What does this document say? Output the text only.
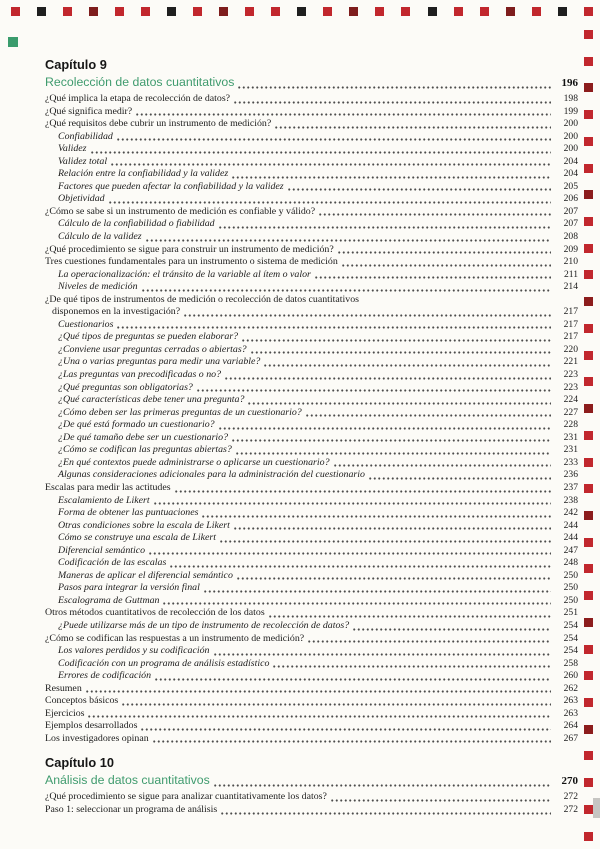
Capítulo 9
Recolección de datos cuantitativos	196
¿Qué implica la etapa de recolección de datos?	198
¿Qué significa medir?	199
¿Qué requisitos debe cubrir un instrumento de medición?	200
Confiabilidad	200
Validez	200
Validez total	204
Relación entre la confiabilidad y la validez	204
Factores que pueden afectar la confiabilidad y la validez	205
Objetividad	206
¿Cómo se sabe si un instrumento de medición es confiable y válido?	207
Cálculo de la confiabilidad o fiabilidad	207
Cálculo de la validez	208
¿Qué procedimiento se sigue para construir un instrumento de medición?	209
Tres cuestiones fundamentales para un instrumento o sistema de medición	210
La operacionalización: el tránsito de la variable al ítem o valor	211
Niveles de medición	214
¿De qué tipos de instrumentos de medición o recolección de datos cuantitativos
disponemos en la investigación?	217
Cuestionarios	217
¿Qué tipos de preguntas se pueden elaborar?	217
¿Conviene usar preguntas cerradas o abiertas?	220
¿Una o varias preguntas para medir una variable?	221
¿Las preguntas van precodificadas o no?	223
¿Qué preguntas son obligatorias?	223
¿Qué características debe tener una pregunta?	224
¿Cómo deben ser las primeras preguntas de un cuestionario?	227
¿De qué está formado un cuestionario?	228
¿De qué tamaño debe ser un cuestionario?	231
¿Cómo se codifican las preguntas abiertas?	231
¿En qué contextos puede administrarse o aplicarse un cuestionario?	233
Algunas consideraciones adicionales para la administración del cuestionario	236
Escalas para medir las actitudes	237
Escalamiento de Likert	238
Forma de obtener las puntuaciones	242
Otras condiciones sobre la escala de Likert	244
Cómo se construye una escala de Likert	244
Diferencial semántico	247
Codificación de las escalas	248
Maneras de aplicar el diferencial semántico	250
Pasos para integrar la versión final	250
Escalograma de Guttman	250
Otros métodos cuantitativos de recolección de los datos	251
¿Puede utilizarse más de un tipo de instrumento de recolección de datos?	254
¿Cómo se codifican las respuestas a un instrumento de medición?	254
Los valores perdidos y su codificación	254
Codificación con un programa de análisis estadístico	258
Errores de codificación	260
Resumen	262
Conceptos básicos	263
Ejercicios	263
Ejemplos desarrollados	264
Los investigadores opinan	267
Capítulo 10
Análisis de datos cuantitativos	270
¿Qué procedimiento se sigue para analizar cuantitativamente los datos?	272
Paso 1: seleccionar un programa de análisis	272
